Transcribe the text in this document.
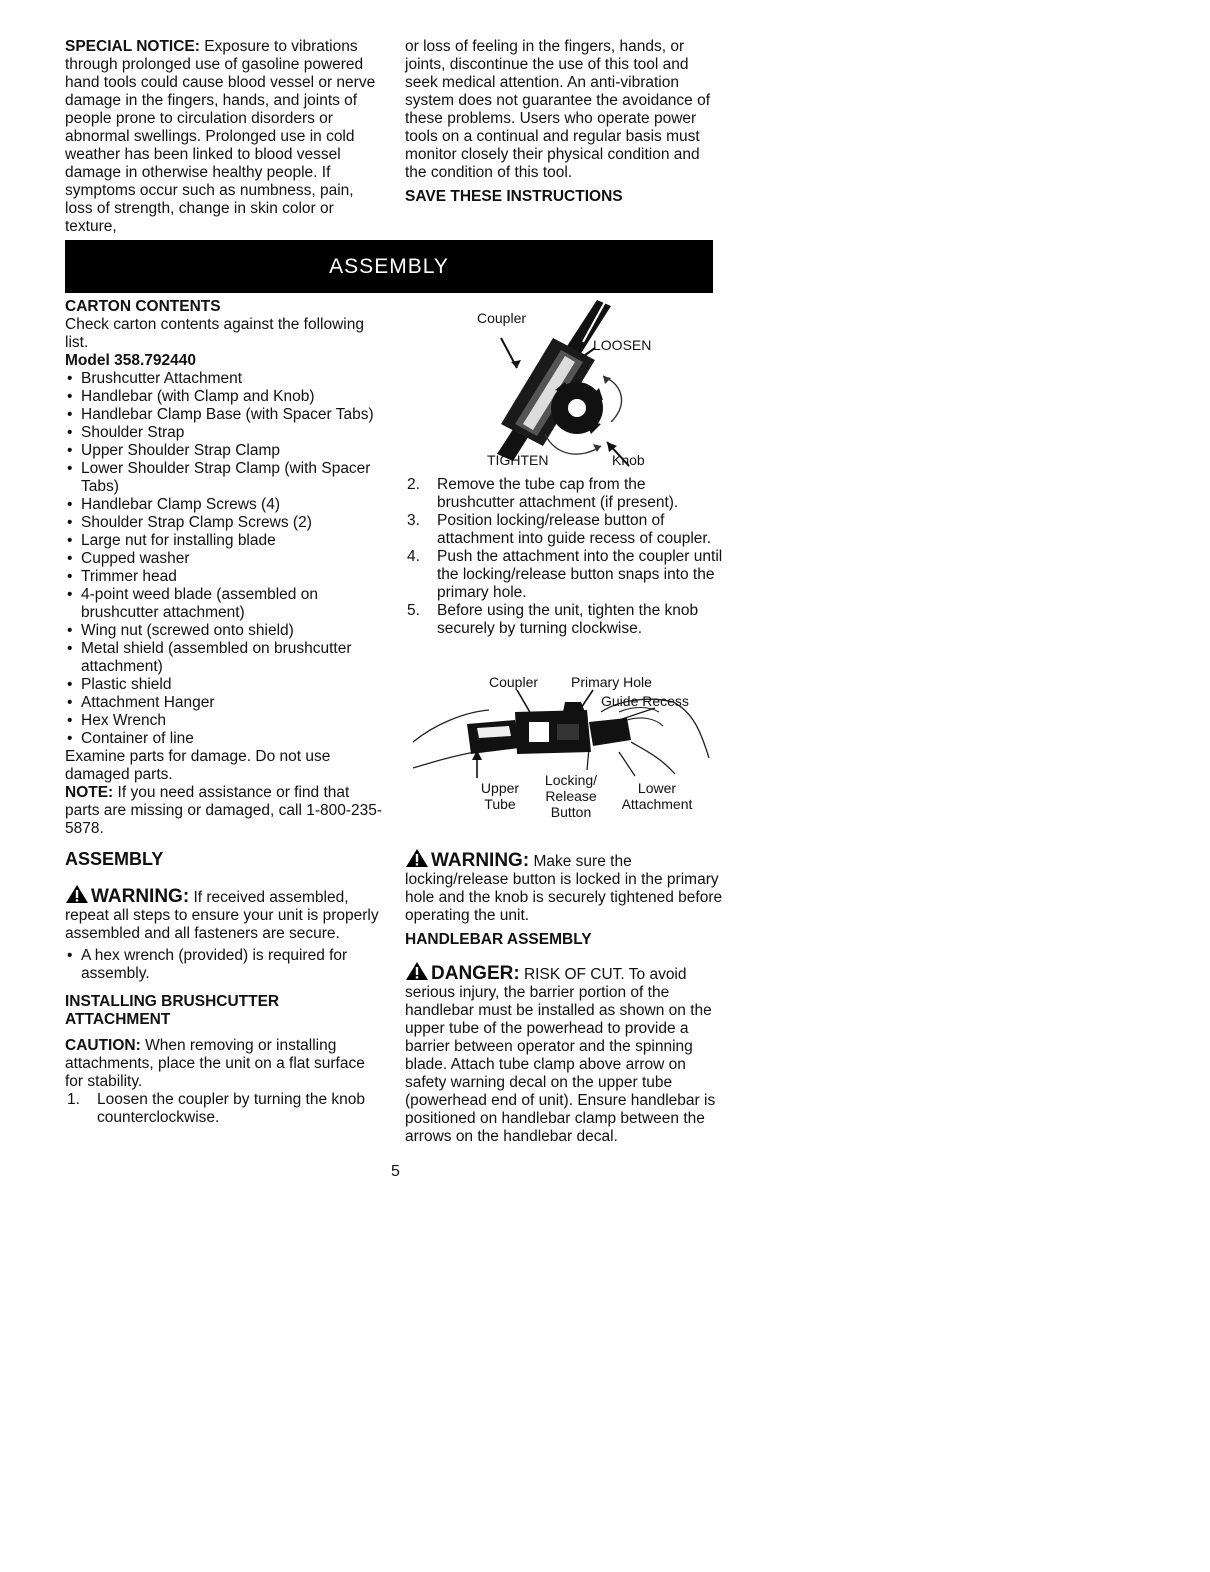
SPECIAL NOTICE: Exposure to vibrations through prolonged use of gasoline powered hand tools could cause blood vessel or nerve damage in the fingers, hands, and joints of people prone to circulation disorders or abnormal swellings. Prolonged use in cold weather has been linked to blood vessel damage in otherwise healthy people. If symptoms occur such as numbness, pain, loss of strength, change in skin color or texture,

or loss of feeling in the fingers, hands, or joints, discontinue the use of this tool and seek medical attention. An anti-vibration system does not guarantee the avoidance of these problems. Users who operate power tools on a continual and regular basis must monitor closely their physical condition and the condition of this tool.

SAVE THESE INSTRUCTIONS

ASSEMBLY

CARTON CONTENTS

Check carton contents against the following list.

Model 358.792440

• Brushcutter Attachment
• Handlebar (with Clamp and Knob)
• Handlebar Clamp Base (with Spacer Tabs)
• Shoulder Strap
• Upper Shoulder Strap Clamp
• Lower Shoulder Strap Clamp (with Spacer Tabs)
• Handlebar Clamp Screws (4)
• Shoulder Strap Clamp Screws (2)
• Large nut for installing blade
• Cupped washer
• Trimmer head
• 4-point weed blade (assembled on brushcutter attachment)
• Wing nut (screwed onto shield)
• Metal shield (assembled on brushcutter attachment)
• Plastic shield
• Attachment Hanger
• Hex Wrench
• Container of line

Examine parts for damage. Do not use damaged parts.

NOTE: If you need assistance or find that parts are missing or damaged, call 1-800-235-5878.

ASSEMBLY

WARNING: If received assembled, repeat all steps to ensure your unit is properly assembled and all fasteners are secure.

• A hex wrench (provided) is required for assembly.

INSTALLING BRUSHCUTTER ATTACHMENT

CAUTION: When removing or installing attachments, place the unit on a flat surface for stability.

1. Loosen the coupler by turning the knob counterclockwise.
Coupler
LOOSEN
TIGHTEN	Knob
2. Remove the tube cap from the brushcutter attachment (if present).
3. Position locking/release button of attachment into guide recess of coupler.
4. Push the attachment into the coupler until the locking/release button snaps into the primary hole.
5. Before using the unit, tighten the knob securely by turning clockwise.
Coupler Primary Hole
Guide Recess
Upper
Tube
Locking/
Release
Button
Lower
Attachment

WARNING: Make sure the locking/release button is locked in the primary hole and the knob is securely tightened before operating the unit.

HANDLEBAR ASSEMBLY

DANGER: RISK OF CUT. To avoid serious injury, the barrier portion of the handlebar must be installed as shown on the upper tube of the powerhead to provide a barrier between operator and the spinning blade. Attach tube clamp above arrow on safety warning decal on the upper tube (powerhead end of unit). Ensure handlebar is positioned on handlebar clamp between the arrows on the handlebar decal.

5
